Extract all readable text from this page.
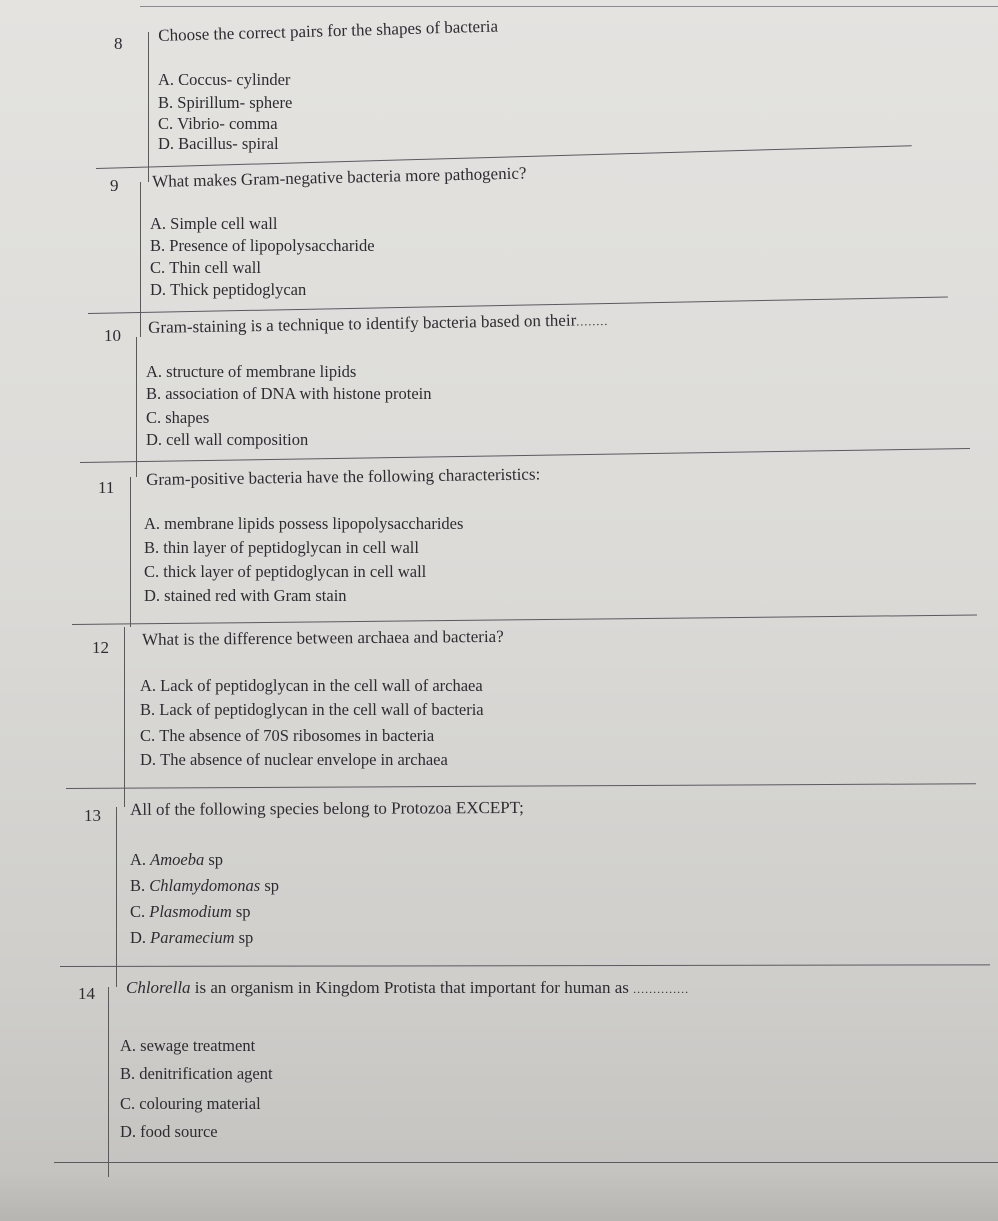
8 Choose the correct pairs for the shapes of bacteria
A. Coccus- cylinder
B. Spirillum- sphere
C. Vibrio- comma
D. Bacillus- spiral
9 What makes Gram-negative bacteria more pathogenic?
A. Simple cell wall
B. Presence of lipopolysaccharide
C. Thin cell wall
D. Thick peptidoglycan
10 Gram-staining is a technique to identify bacteria based on their........
A. structure of membrane lipids
B. association of DNA with histone protein
C. shapes
D. cell wall composition
11 Gram-positive bacteria have the following characteristics:
A. membrane lipids possess lipopolysaccharides
B. thin layer of peptidoglycan in cell wall
C. thick layer of peptidoglycan in cell wall
D. stained red with Gram stain
12 What is the difference between archaea and bacteria?
A. Lack of peptidoglycan in the cell wall of archaea
B. Lack of peptidoglycan in the cell wall of bacteria
C. The absence of 70S ribosomes in bacteria
D. The absence of nuclear envelope in archaea
13 All of the following species belong to Protozoa EXCEPT;
A. Amoeba sp
B. Chlamydomonas sp
C. Plasmodium sp
D. Paramecium sp
14 Chlorella is an organism in Kingdom Protista that important for human as ..............
A. sewage treatment
B. denitrification agent
C. colouring material
D. food source
